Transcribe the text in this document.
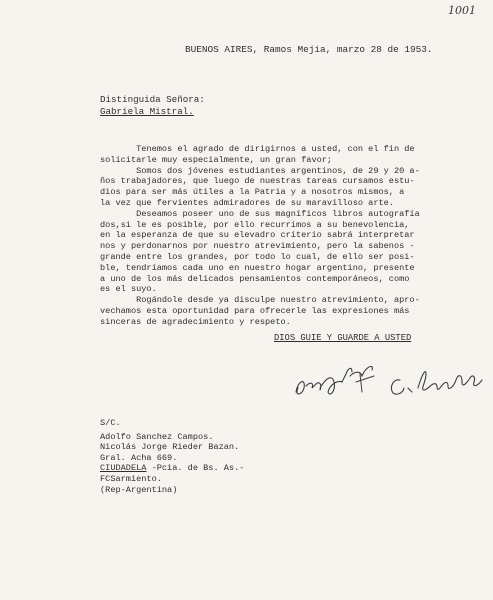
1001
BUENOS AIRES, Ramos Mejia, marzo 28 de 1953.
Distinguida Señora:
Gabriela Mistral.

Tenemos el agrado de dirigirnos a usted, con el fin de

solicitarle muy especialmente, un gran favor;

Somos dos jóvenes estudiantes argentinos, de 29 y 20 a-

ños trabajadores, que luego de nuestras tareas cursamos estu-

dios para ser más útiles a la Patria y a nosotros mismos, a

la vez que fervientes admiradores de su maravilloso arte.

Deseamos poseer uno de sus magníficos libros autografía

dos,si le es posible, por ello recurrimos a su benevolencia,

en la esperanza de que su elevadro criterio sabrá interpretar

nos y perdonarnos por nuestro atrevimiento, pero la sabenos -

grande entre los grandes, por todo lo cual, de ello ser posi-

ble, tendríamos cada uno en nuestro hogar argentino, presente

a uno de los más delicados pensamientos contemporáneos, como

es el suyo.

Rogándole desde ya disculpe nuestro atrevimiento, apro-

vechamos esta oportunidad para ofrecerle las expresiones más

sinceras de agradecimiento y respeto.

DIOS GUIE Y GUARDE A USTED
S/C.
Adolfo Sanchez Campos.
Nicolás Jorge Rieder Bazan.
Gral. Acha 669.
CIUDADELA -Pcia. de Bs. As.-
FCSarmiento.
(Rep-Argentina)
